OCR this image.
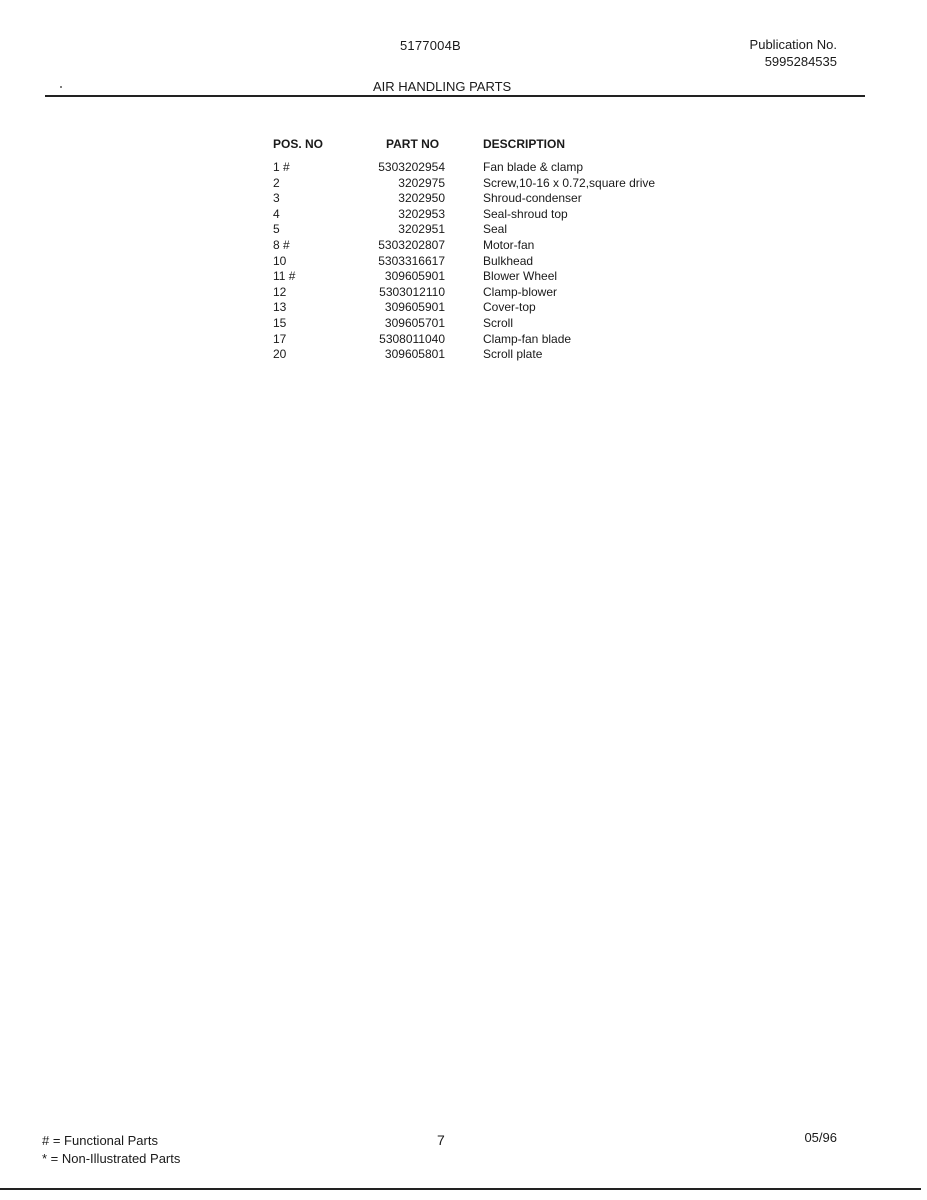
5177004B	Publication No.
5995284535
AIR HANDLING PARTS
POS. NO	PART NO	DESCRIPTION
1 #	5303202954	Fan blade & clamp
2	3202975	Screw,10-16 x 0.72,square drive
3	3202950	Shroud-condenser
4	3202953	Seal-shroud top
5	3202951	Seal
8 #	5303202807	Motor-fan
10	5303316617	Bulkhead
11 #	309605901	Blower Wheel
12	5303012110	Clamp-blower
13	309605901	Cover-top
15	309605701	Scroll
17	5308011040	Clamp-fan blade
20	309605801	Scroll plate
# = Functional Parts
* = Non-Illustrated Parts
7	05/96
